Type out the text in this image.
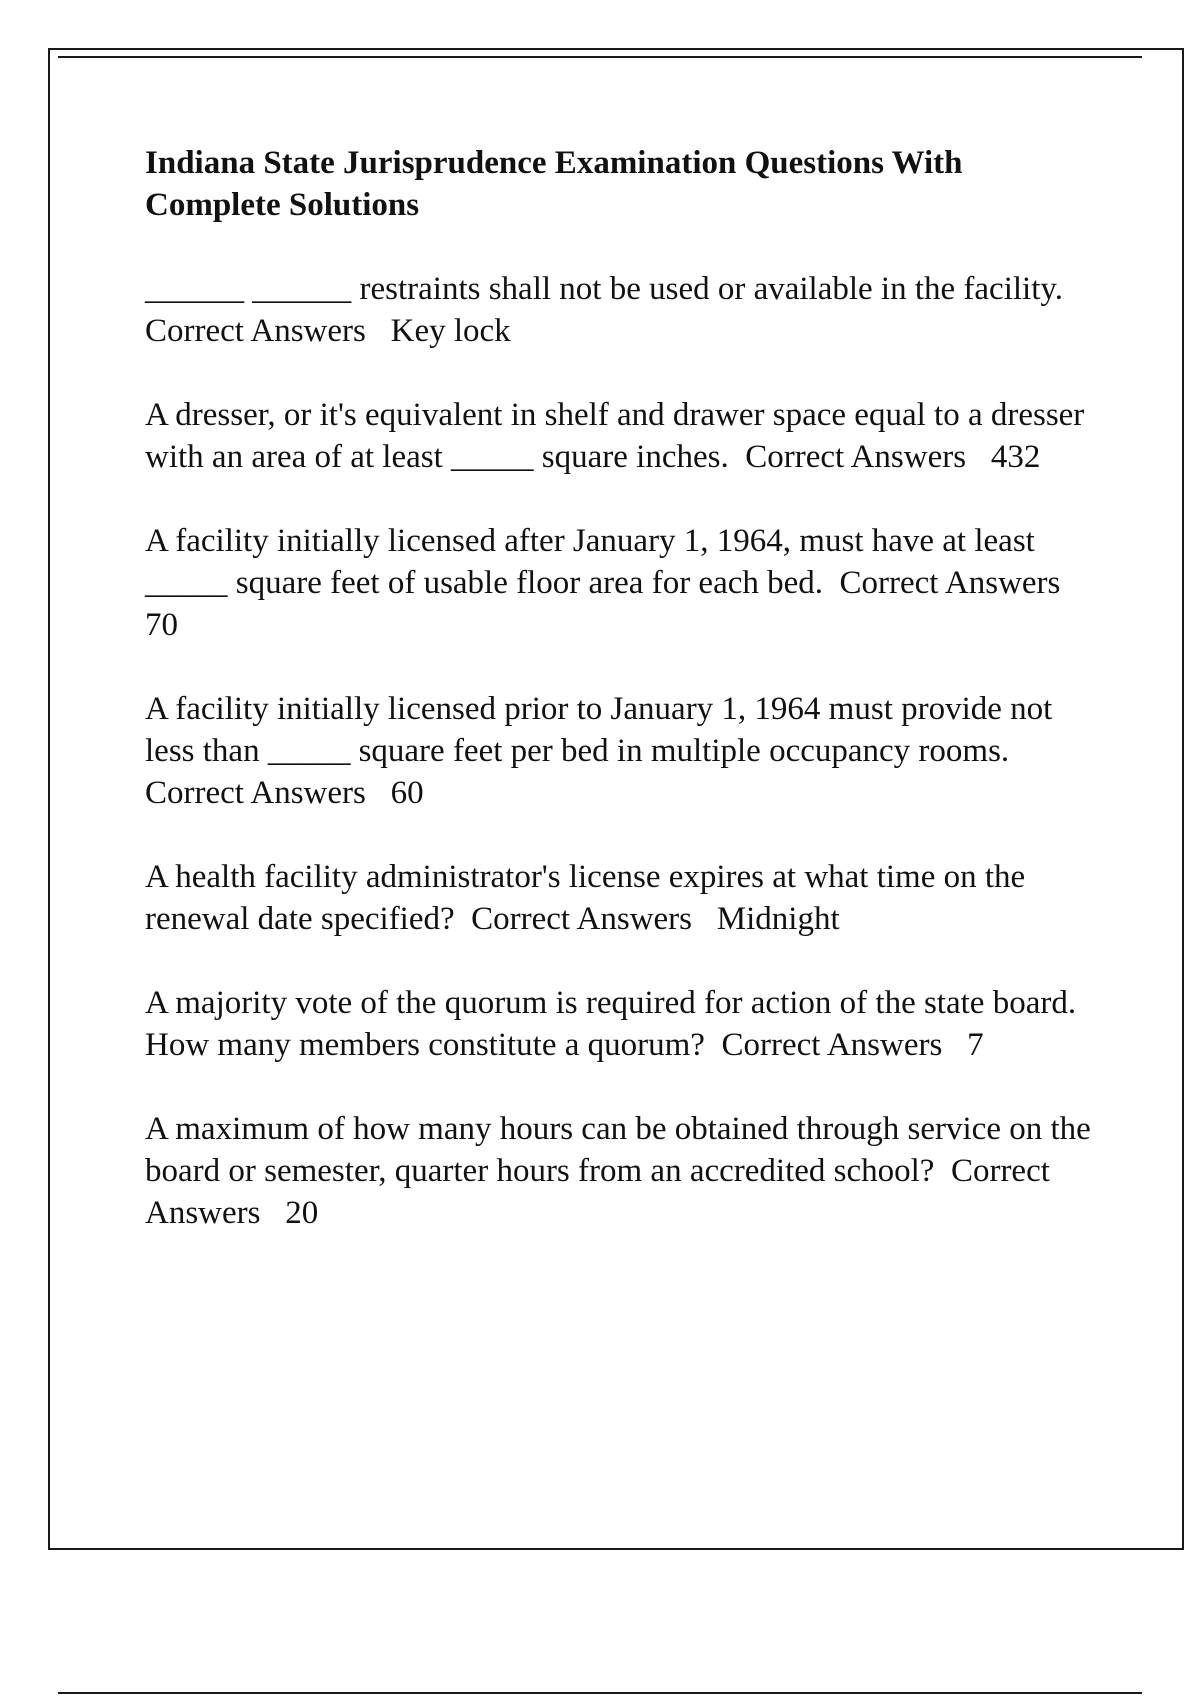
Indiana State Jurisprudence Examination Questions With Complete Solutions
______ ______ restraints shall not be used or available in the facility.  Correct Answers   Key lock
A dresser, or it's equivalent in shelf and drawer space equal to a dresser with an area of at least _____ square inches.  Correct Answers   432
A facility initially licensed after January 1, 1964, must have at least _____ square feet of usable floor area for each bed.  Correct Answers   70
A facility initially licensed prior to January 1, 1964 must provide not less than _____ square feet per bed in multiple occupancy rooms.  Correct Answers   60
A health facility administrator's license expires at what time on the renewal date specified?  Correct Answers   Midnight
A majority vote of the quorum is required for action of the state board. How many members constitute a quorum?  Correct Answers   7
A maximum of how many hours can be obtained through service on the board or semester, quarter hours from an accredited school?  Correct Answers   20
